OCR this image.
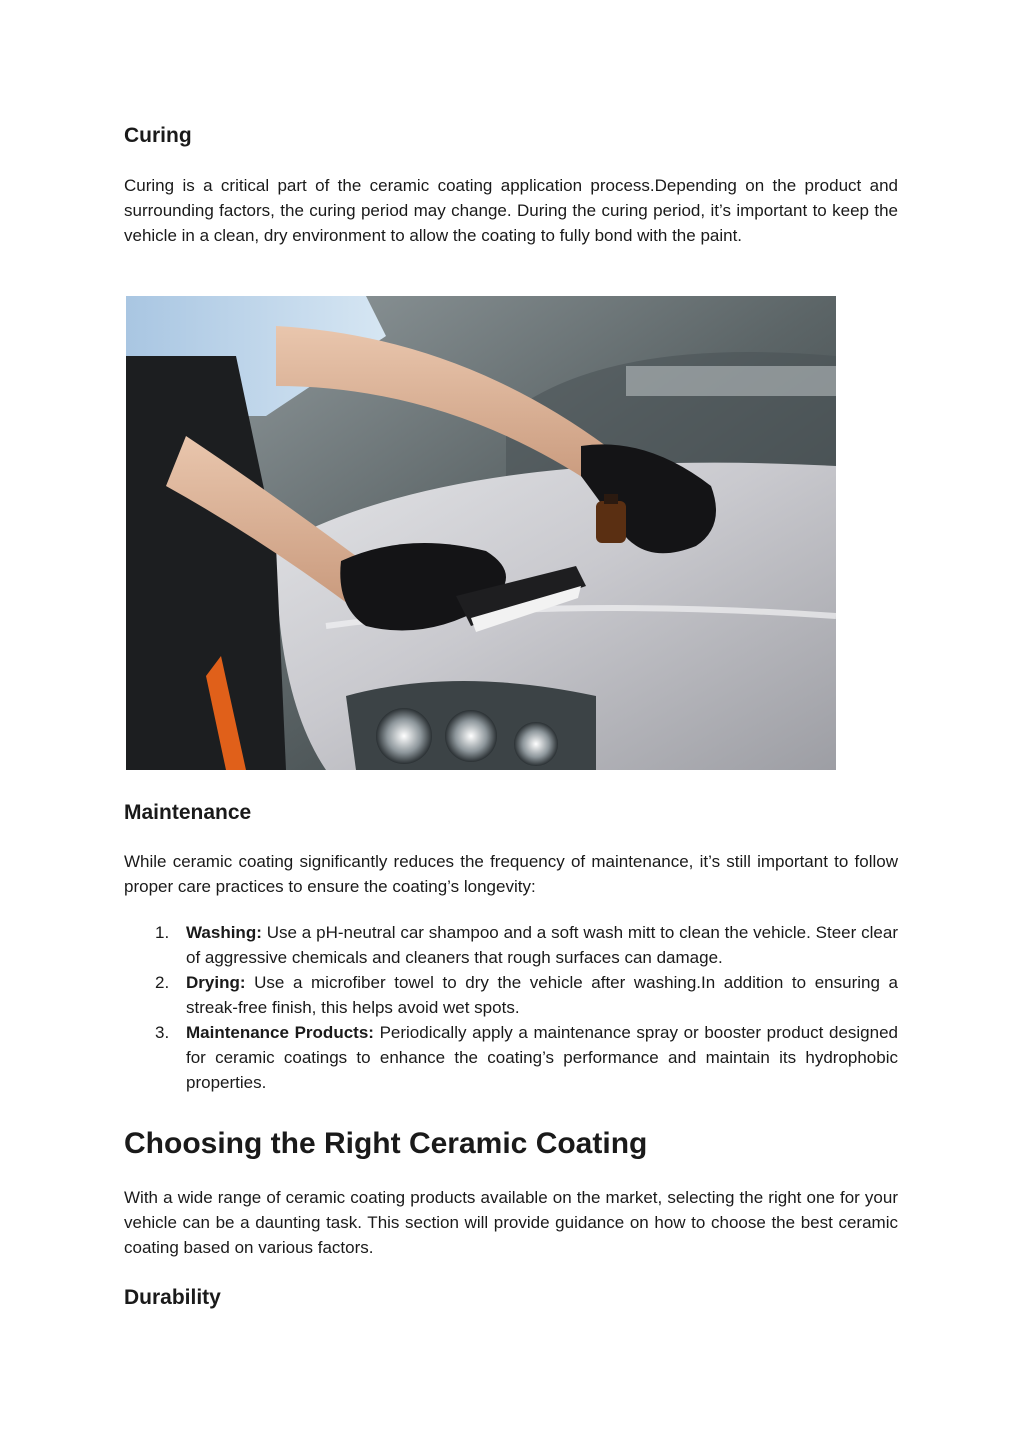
Curing

Curing is a critical part of the ceramic coating application process.Depending on the product and surrounding factors, the curing period may change. During the curing period, it’s important to keep the vehicle in a clean, dry environment to allow the coating to fully bond with the paint.

Maintenance

While ceramic coating significantly reduces the frequency of maintenance, it’s still important to follow proper care practices to ensure the coating’s longevity:

1. Washing: Use a pH-neutral car shampoo and a soft wash mitt to clean the vehicle. Steer clear of aggressive chemicals and cleaners that rough surfaces can damage.
2. Drying: Use a microfiber towel to dry the vehicle after washing.In addition to ensuring a streak-free finish, this helps avoid wet spots.
3. Maintenance Products: Periodically apply a maintenance spray or booster product designed for ceramic coatings to enhance the coating’s performance and maintain its hydrophobic properties.
Choosing the Right Ceramic Coating

With a wide range of ceramic coating products available on the market, selecting the right one for your vehicle can be a daunting task. This section will provide guidance on how to choose the best ceramic coating based on various factors.

Durability
